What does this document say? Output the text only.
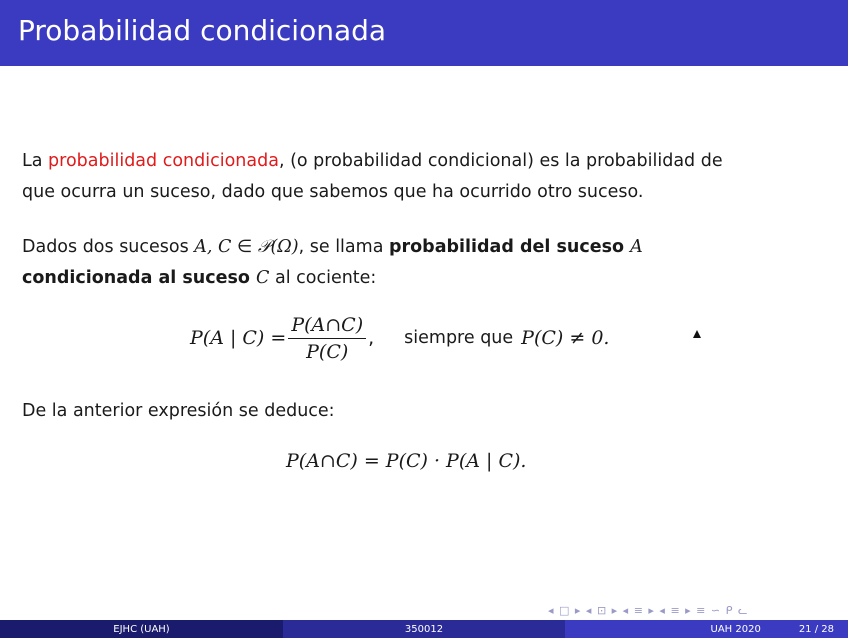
Probabilidad condicionada
La probabilidad condicionada, (o probabilidad condicional) es la probabilidad de
que ocurra un suceso, dado que sabemos que ha ocurrido otro suceso.
Dados dos sucesos A, C ∈ 𝒫(Ω), se llama probabilidad del suceso A
condicionada al suceso C al cociente:
P(A | $C) = \frac{P(A\cap C)}{P(C)}$ , siempre que P(C) ≠ 0.
De la anterior expresión se deduce:
P(A∩C) = P(C) · P(A | C).
◂ □ ▸ ◂ ⊡ ▸ ◂ ≡ ▸ ◂ ≡ ▸ ≡ ∽ ᑭ ᓚ
EJHC (UAH)	350012	UAH 2020	21 / 28
